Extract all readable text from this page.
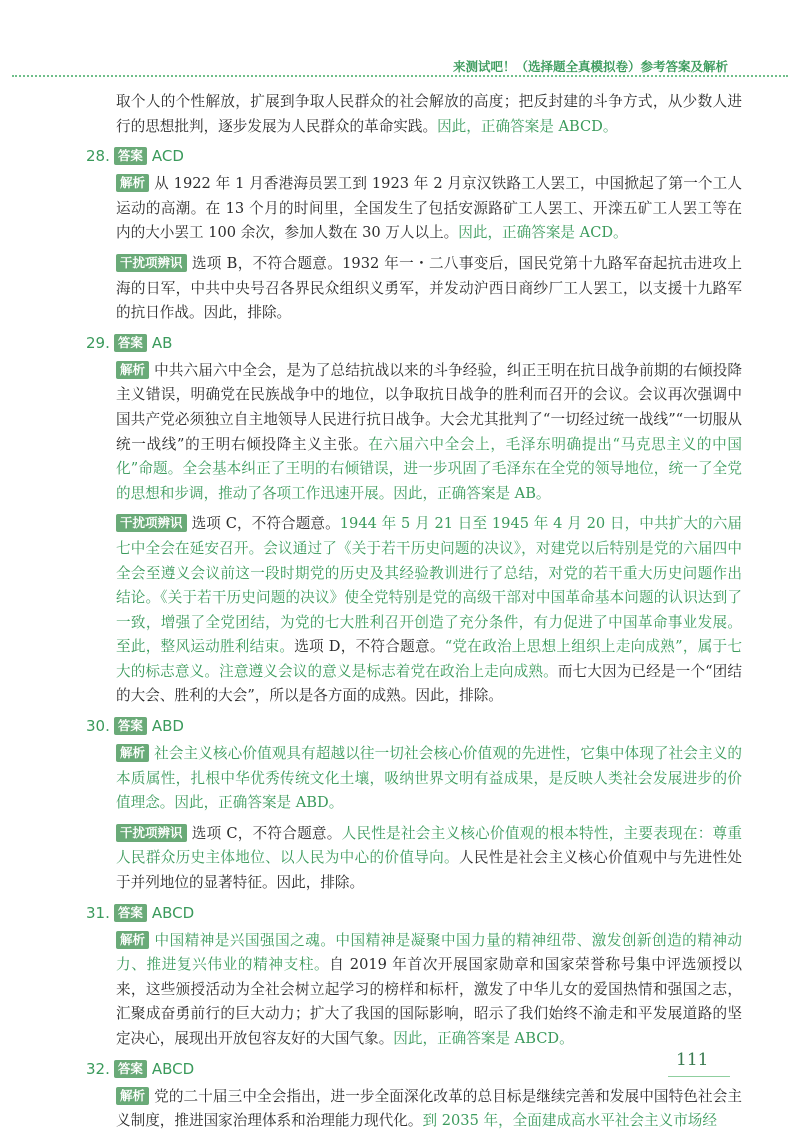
来测试吧！（选择题全真模拟卷）参考答案及解析

取个人的个性解放，扩展到争取人民群众的社会解放的高度；把反封建的斗争方式，从少数人进行的思想批判，逐步发展为人民群众的革命实践。因此，正确答案是 ABCD。

28. 答案 ACD

解析 从 1922 年 1 月香港海员罢工到 1923 年 2 月京汉铁路工人罢工，中国掀起了第一个工人运动的高潮。在 13 个月的时间里，全国发生了包括安源路矿工人罢工、开滦五矿工人罢工等在内的大小罢工 100 余次，参加人数在 30 万人以上。因此，正确答案是 ACD。

干扰项辨识 选项 B，不符合题意。1932 年一・二八事变后，国民党第十九路军奋起抗击进攻上海的日军，中共中央号召各界民众组织义勇军，并发动沪西日商纱厂工人罢工，以支援十九路军的抗日作战。因此，排除。

29. 答案 AB

解析 中共六届六中全会，是为了总结抗战以来的斗争经验，纠正王明在抗日战争前期的右倾投降主义错误，明确党在民族战争中的地位，以争取抗日战争的胜利而召开的会议。会议再次强调中国共产党必须独立自主地领导人民进行抗日战争。大会尤其批判了“一切经过统一战线”“一切服从统一战线”的王明右倾投降主义主张。在六届六中全会上，毛泽东明确提出“马克思主义的中国化”命题。全会基本纠正了王明的右倾错误，进一步巩固了毛泽东在全党的领导地位，统一了全党的思想和步调，推动了各项工作迅速开展。因此，正确答案是 AB。

干扰项辨识 选项 C，不符合题意。1944 年 5 月 21 日至 1945 年 4 月 20 日，中共扩大的六届七中全会在延安召开。会议通过了《关于若干历史问题的决议》，对建党以后特别是党的六届四中全会至遵义会议前这一段时期党的历史及其经验教训进行了总结，对党的若干重大历史问题作出结论。《关于若干历史问题的决议》使全党特别是党的高级干部对中国革命基本问题的认识达到了一致，增强了全党团结，为党的七大胜利召开创造了充分条件，有力促进了中国革命事业发展。至此，整风运动胜利结束。选项 D，不符合题意。“党在政治上思想上组织上走向成熟”，属于七大的标志意义。注意遵义会议的意义是标志着党在政治上走向成熟。而七大因为已经是一个“团结的大会、胜利的大会”，所以是各方面的成熟。因此，排除。

30. 答案 ABD

解析 社会主义核心价值观具有超越以往一切社会核心价值观的先进性，它集中体现了社会主义的本质属性，扎根中华优秀传统文化土壤，吸纳世界文明有益成果，是反映人类社会发展进步的价值理念。因此，正确答案是 ABD。

干扰项辨识 选项 C，不符合题意。人民性是社会主义核心价值观的根本特性，主要表现在：尊重人民群众历史主体地位、以人民为中心的价值导向。人民性是社会主义核心价值观中与先进性处于并列地位的显著特征。因此，排除。

31. 答案 ABCD

解析 中国精神是兴国强国之魂。中国精神是凝聚中国力量的精神纽带、激发创新创造的精神动力、推进复兴伟业的精神支柱。自 2019 年首次开展国家勋章和国家荣誉称号集中评选颁授以来，这些颁授活动为全社会树立起学习的榜样和标杆，激发了中华儿女的爱国热情和强国之志，汇聚成奋勇前行的巨大动力；扩大了我国的国际影响，昭示了我们始终不渝走和平发展道路的坚定决心，展现出开放包容友好的大国气象。因此，正确答案是 ABCD。

32. 答案 ABCD

解析 党的二十届三中全会指出，进一步全面深化改革的总目标是继续完善和发展中国特色社会主义制度，推进国家治理体系和治理能力现代化。到 2035 年，全面建成高水平社会主义市场经

111
